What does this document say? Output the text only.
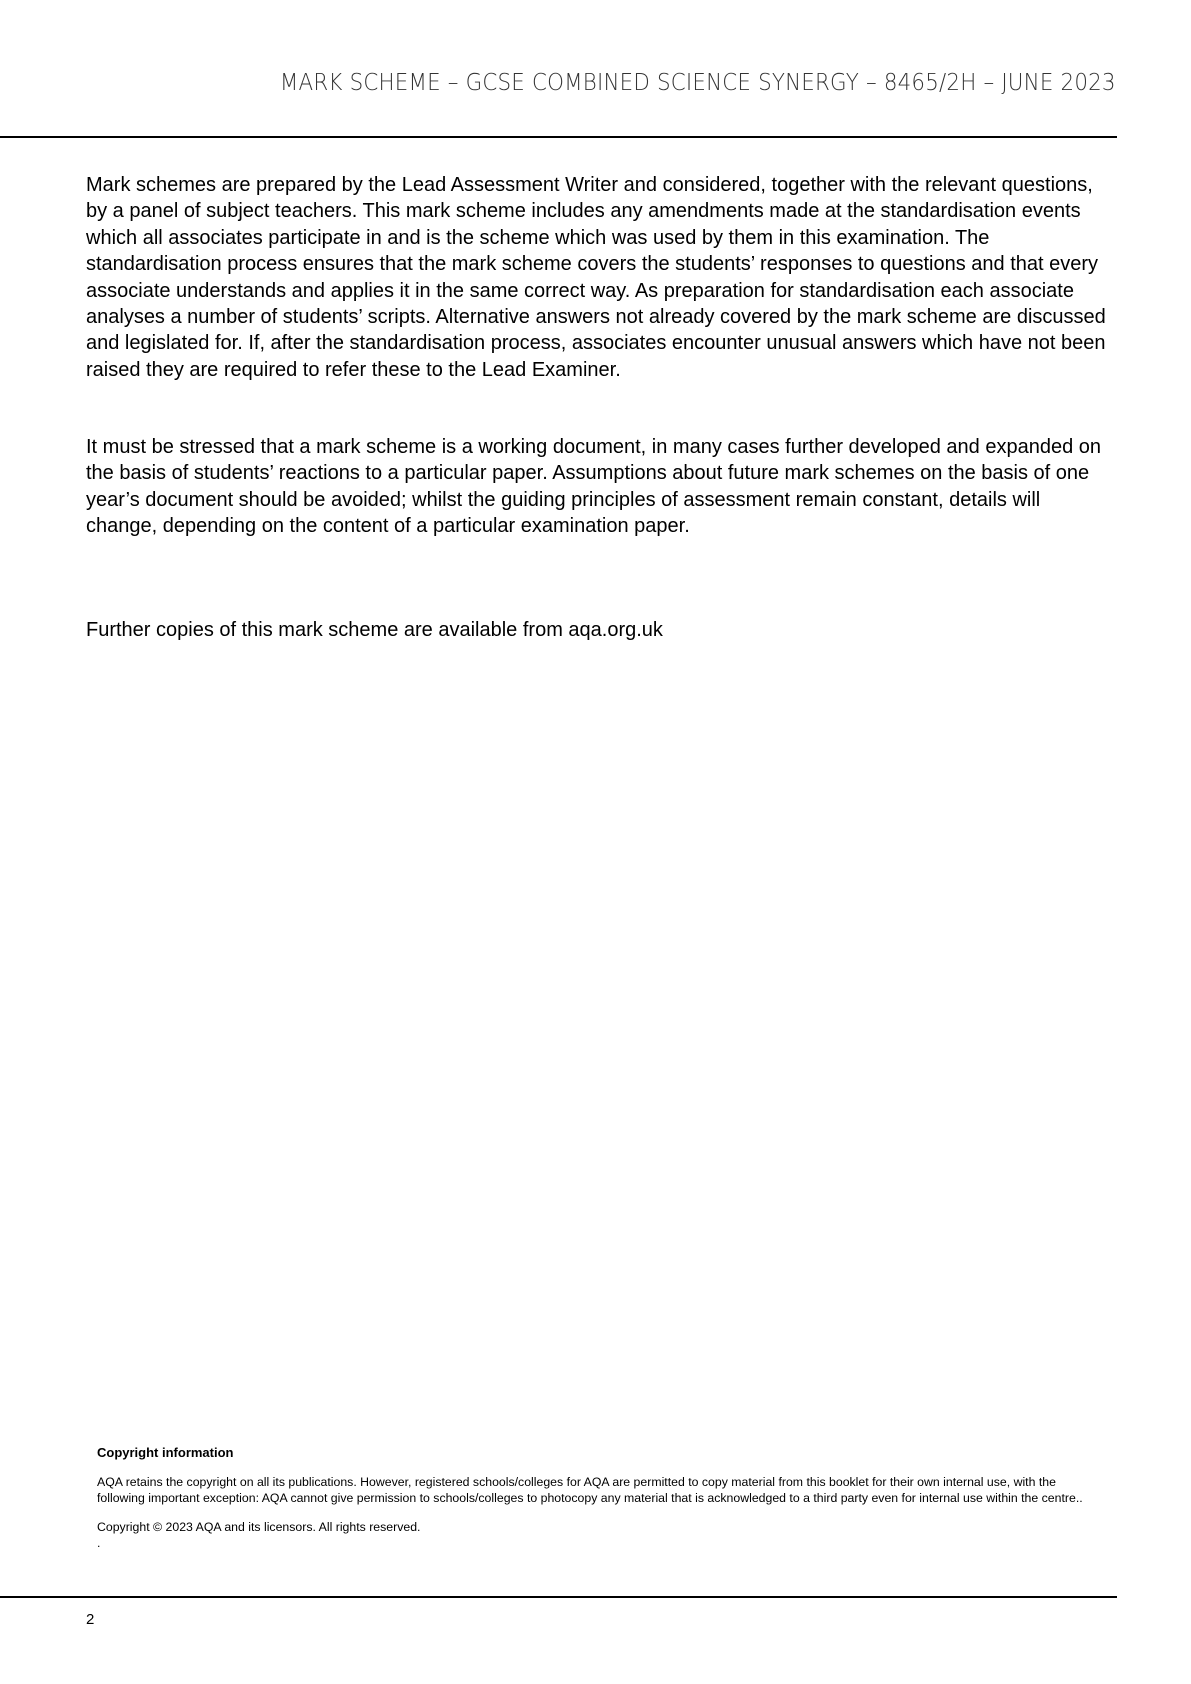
MARK SCHEME – GCSE COMBINED SCIENCE SYNERGY – 8465/2H – JUNE 2023

Mark schemes are prepared by the Lead Assessment Writer and considered, together with the relevant questions, by a panel of subject teachers. This mark scheme includes any amendments made at the standardisation events which all associates participate in and is the scheme which was used by them in this examination. The standardisation process ensures that the mark scheme covers the students’ responses to questions and that every associate understands and applies it in the same correct way. As preparation for standardisation each associate analyses a number of students’ scripts. Alternative answers not already covered by the mark scheme are discussed and legislated for. If, after the standardisation process, associates encounter unusual answers which have not been raised they are required to refer these to the Lead Examiner.

It must be stressed that a mark scheme is a working document, in many cases further developed and expanded on the basis of students’ reactions to a particular paper. Assumptions about future mark schemes on the basis of one year’s document should be avoided; whilst the guiding principles of assessment remain constant, details will change, depending on the content of a particular examination paper.

Further copies of this mark scheme are available from aqa.org.uk

Copyright information

AQA retains the copyright on all its publications. However, registered schools/colleges for AQA are permitted to copy material from this booklet for their own internal use, with the following important exception: AQA cannot give permission to schools/colleges to photocopy any material that is acknowledged to a third party even for internal use within the centre..

Copyright © 2023 AQA and its licensors. All rights reserved.

.

2
